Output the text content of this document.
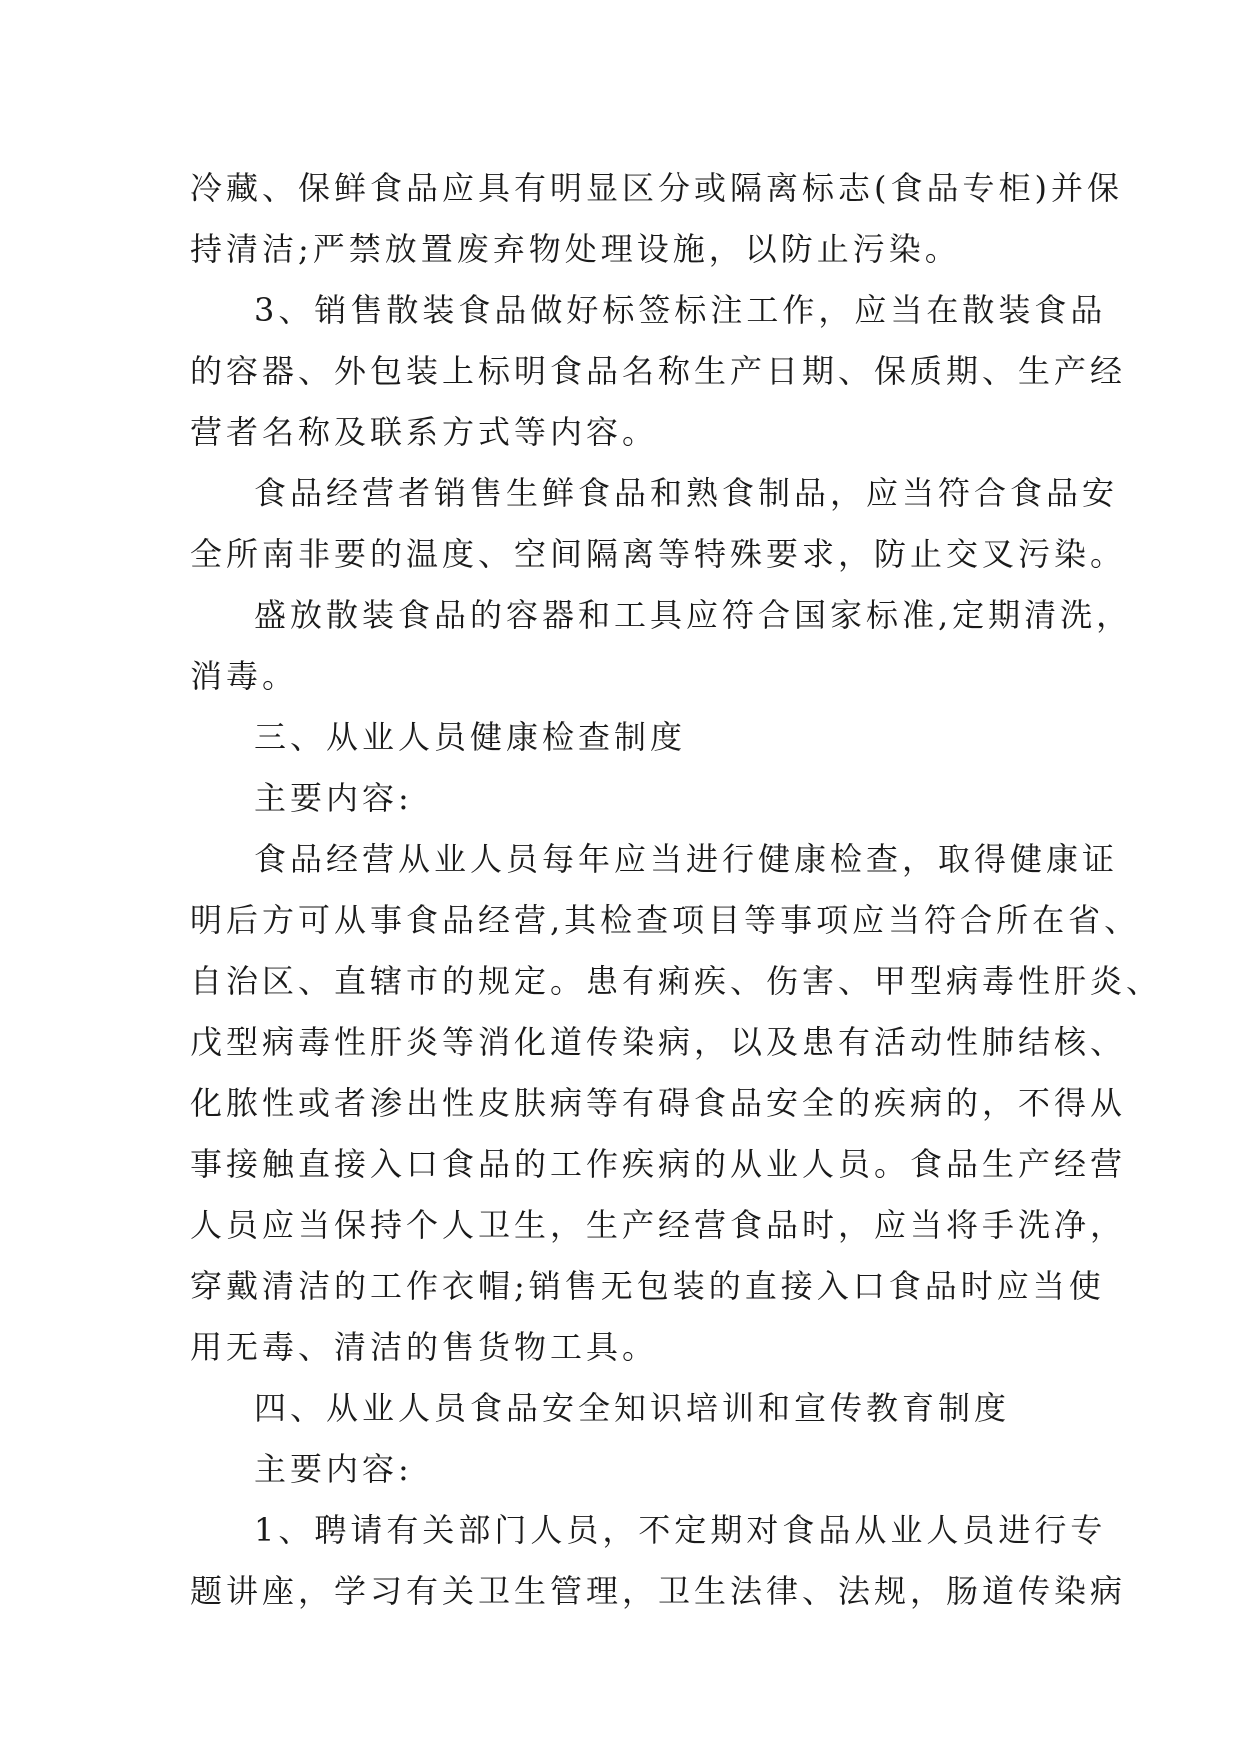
冷藏、保鲜食品应具有明显区分或隔离标志(食品专柜)并保
持清洁;严禁放置废弃物处理设施，以防止污染。
3、销售散装食品做好标签标注工作，应当在散装食品
的容器、外包装上标明食品名称生产日期、保质期、生产经
营者名称及联系方式等内容。
食品经营者销售生鲜食品和熟食制品，应当符合食品安
全所南非要的温度、空间隔离等特殊要求，防止交叉污染。
盛放散装食品的容器和工具应符合国家标准,定期清洗，
消毒。
三、从业人员健康检查制度
主要内容:
食品经营从业人员每年应当进行健康检查，取得健康证
明后方可从事食品经营,其检查项目等事项应当符合所在省、
自治区、直辖市的规定。患有痢疾、伤害、甲型病毒性肝炎、
戊型病毒性肝炎等消化道传染病，以及患有活动性肺结核、
化脓性或者渗出性皮肤病等有碍食品安全的疾病的，不得从
事接触直接入口食品的工作疾病的从业人员。食品生产经营
人员应当保持个人卫生，生产经营食品时，应当将手洗净，
穿戴清洁的工作衣帽;销售无包装的直接入口食品时应当使
用无毒、清洁的售货物工具。
四、从业人员食品安全知识培训和宣传教育制度
主要内容:
1、聘请有关部门人员，不定期对食品从业人员进行专
题讲座，学习有关卫生管理，卫生法律、法规，肠道传染病
